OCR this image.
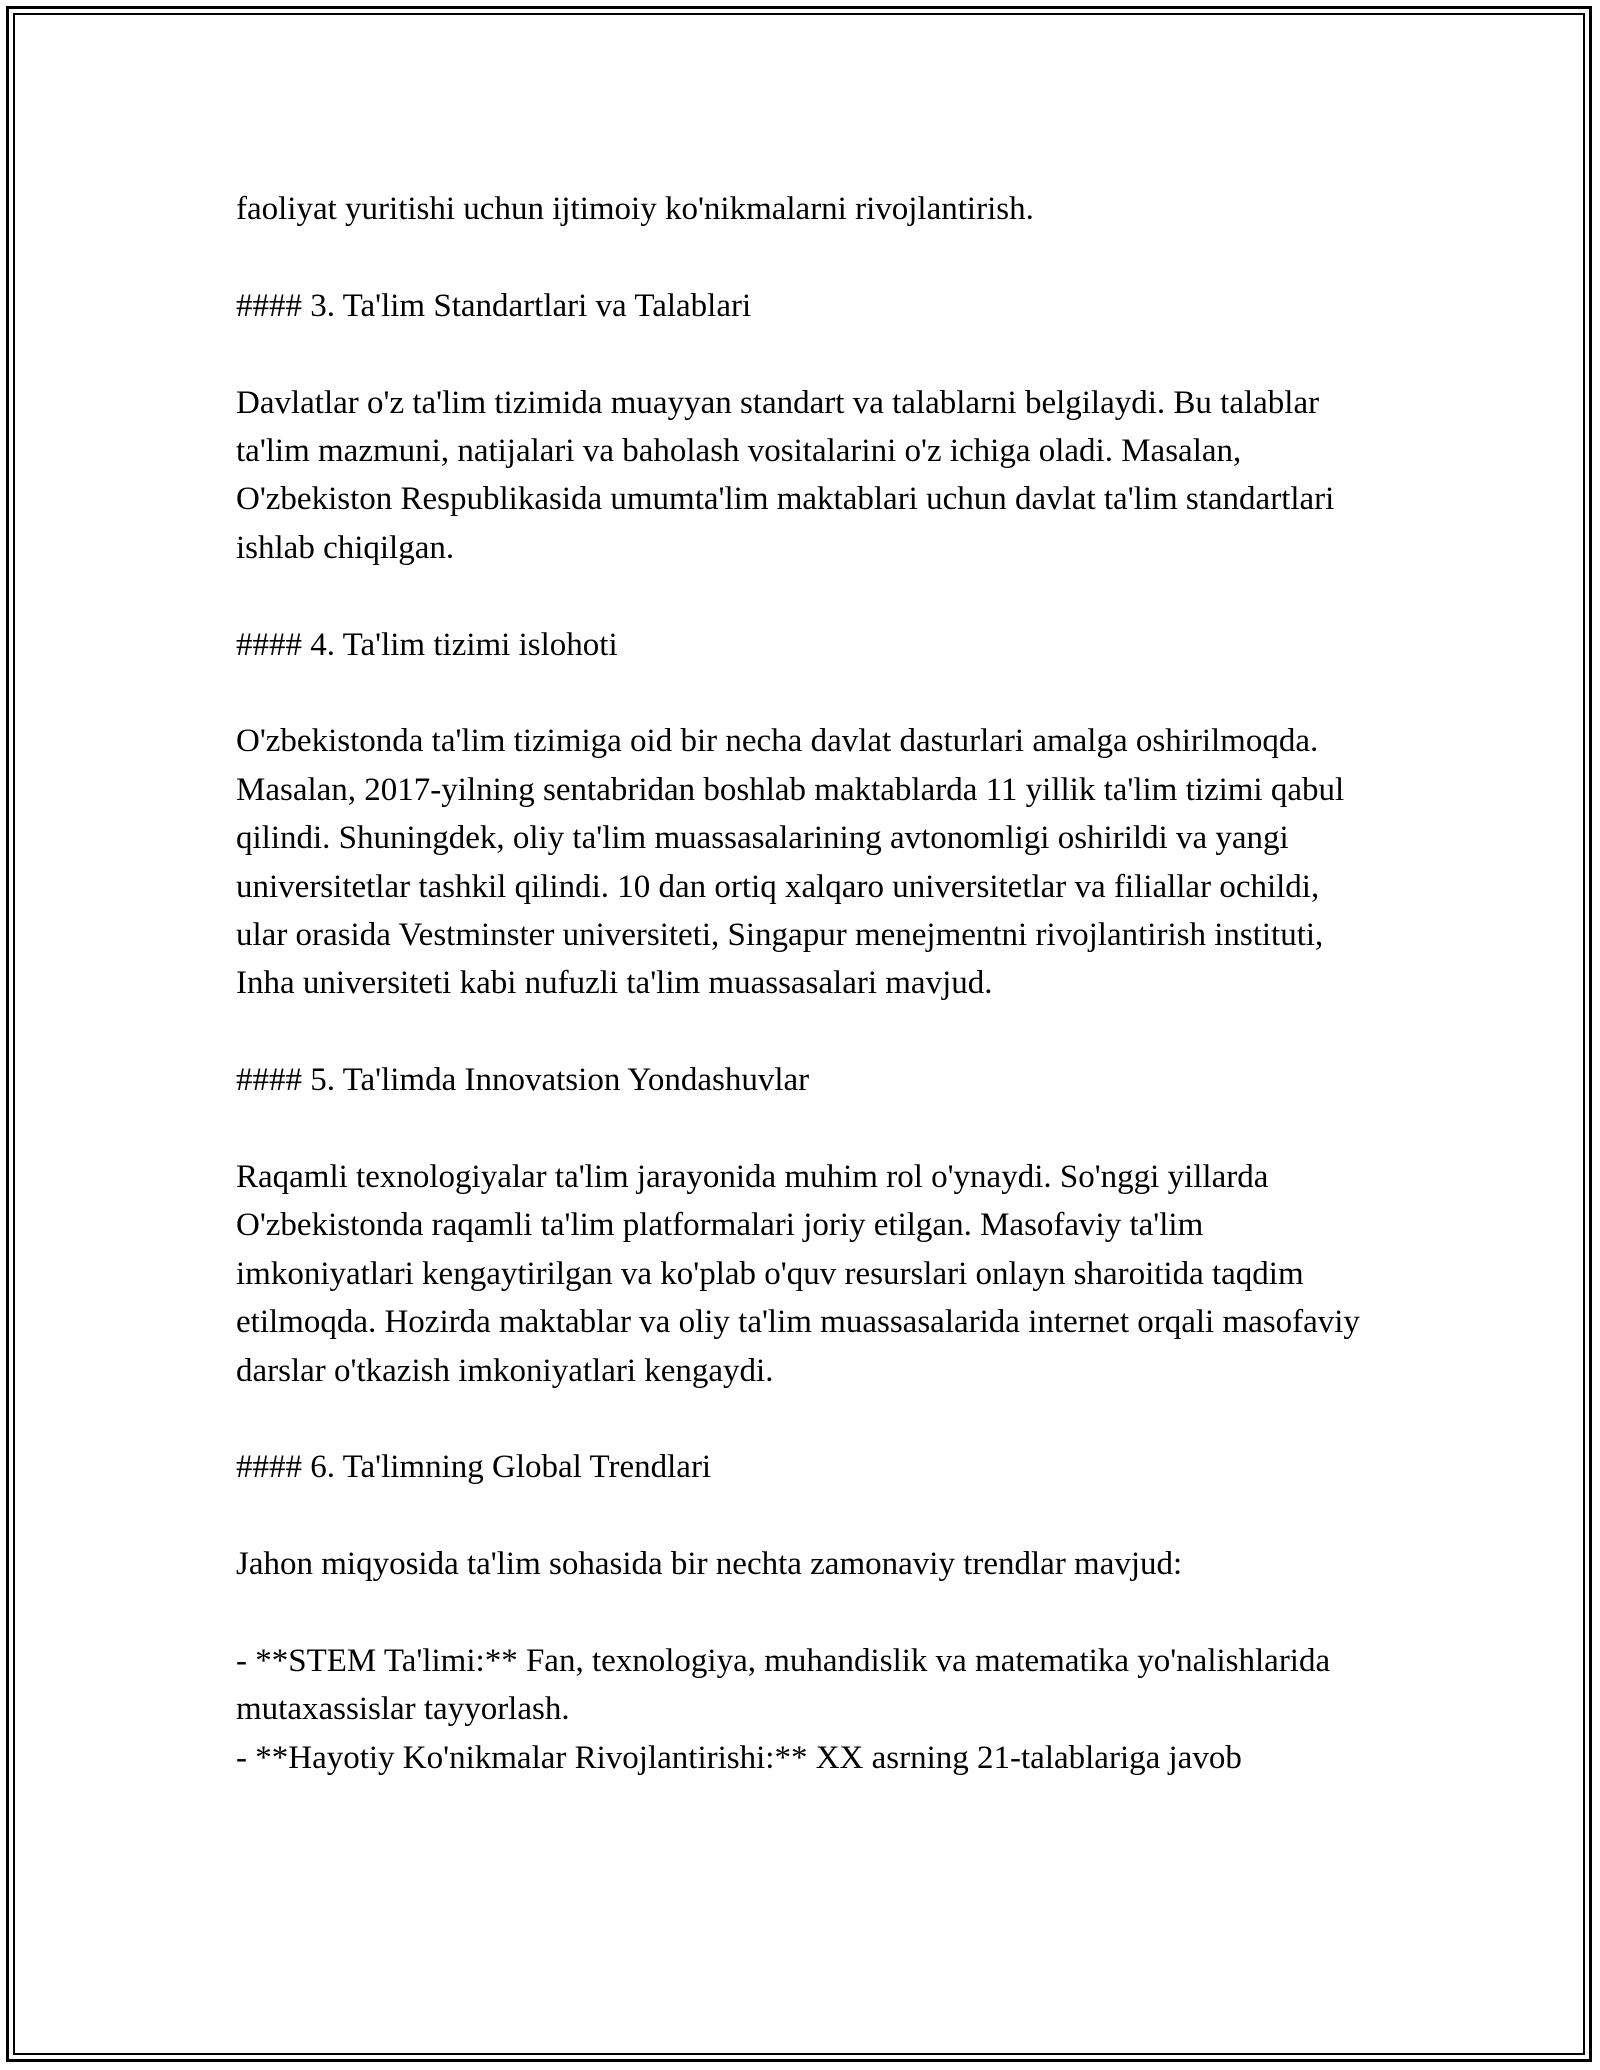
faoliyat yuritishi uchun ijtimoiy ko'nikmalarni rivojlantirish.

#### 3. Ta'lim Standartlari va Talablari

Davlatlar o'z ta'lim tizimida muayyan standart va talablarni belgilaydi. Bu talablar ta'lim mazmuni, natijalari va baholash vositalarini o'z ichiga oladi. Masalan, O'zbekiston Respublikasida umumta'lim maktablari uchun davlat ta'lim standartlari ishlab chiqilgan.

#### 4. Ta'lim tizimi islohoti

O'zbekistonda ta'lim tizimiga oid bir necha davlat dasturlari amalga oshirilmoqda. Masalan, 2017-yilning sentabridan boshlab maktablarda 11 yillik ta'lim tizimi qabul qilindi. Shuningdek, oliy ta'lim muassasalarining avtonomligi oshirildi va yangi universitetlar tashkil qilindi. 10 dan ortiq xalqaro universitetlar va filiallar ochildi, ular orasida Vestminster universiteti, Singapur menejmentni rivojlantirish instituti, Inha universiteti kabi nufuzli ta'lim muassasalari mavjud.

#### 5. Ta'limda Innovatsion Yondashuvlar

Raqamli texnologiyalar ta'lim jarayonida muhim rol o'ynaydi. So'nggi yillarda O'zbekistonda raqamli ta'lim platformalari joriy etilgan. Masofaviy ta'lim imkoniyatlari kengaytirilgan va ko'plab o'quv resurslari onlayn sharoitida taqdim etilmoqda. Hozirda maktablar va oliy ta'lim muassasalarida internet orqali masofaviy darslar o'tkazish imkoniyatlari kengaydi.

#### 6. Ta'limning Global Trendlari

Jahon miqyosida ta'lim sohasida bir nechta zamonaviy trendlar mavjud:

- **STEM Ta'limi:** Fan, texnologiya, muhandislik va matematika yo'nalishlarida mutaxassislar tayyorlash.

- **Hayotiy Ko'nikmalar Rivojlantirishi:** XX asrning 21-talablariga javob
